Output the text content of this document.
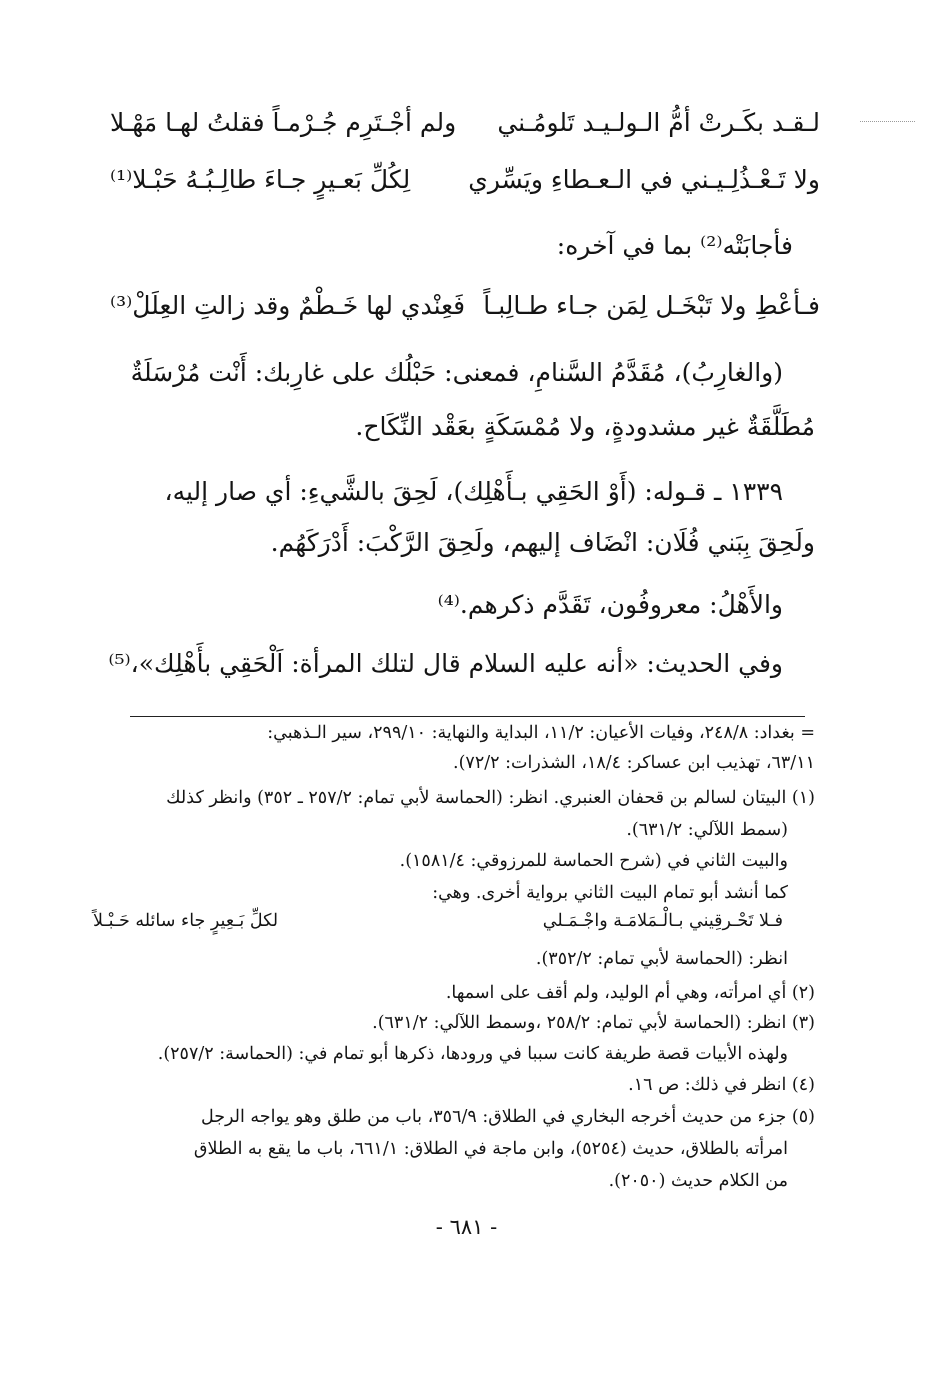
لـقـد بكَـرتْ أمُّ الـولـيـد تَلومُـني
ولم أجْـتَرِم جُـرْمـاً فقلتُ لهـا مَهْـلا
ولا تَـعْـذُلِـيـني في الـعـطاءِ ويَسِّري
لِكُلِّ بَعـيرٍ جـاءَ طالِـبُـهُ حَبْـلا⁽¹⁾
فأجابَتْه⁽²⁾ بما في آخره:
فـأعْطِ ولا تَبْخَـل لِمَن جـاء طـالِبـاً
فَعِنْدي لها خَـطْمٌ وقد زالتِ العِلَلْ⁽³⁾
(والغارِبُ)، مُقَدَّمُ السَّنامِ، فمعنى: حَبْلُك على غارِبك: أَنْت مُرْسَلَةٌ
مُطَلَّقَةٌ غير مشدودةٍ، ولا مُمْسَكَةٍ بعَقْد النِّكَاح.
١٣٣٩ ـ قـوله: (أَوْ الحَقِي بـأَهْلِك)، لَحِقَ بالشَّيءِ: أي صار إليه،
ولَحِقَ بِبَني فُلَان: انْضَاف إليهم، ولَحِقَ الرَّكْبَ: أَدْرَكَهُم.
والأَهْلُ: معروفُون، تَقَدَّم ذكرهم.⁽⁴⁾
وفي الحديث: «أنه عليه السلام قال لتلك المرأة: اَلْحَقِي بأَهْلِك»،⁽⁵⁾
= بغداد: ٢٤٨/٨، وفيات الأعيان: ١١/٢، البداية والنهاية: ٢٩٩/١٠، سير الـذهبي:
٦٣/١١، تهذيب ابن عساكر: ١٨/٤، الشذرات: ٧٢/٢).
(١) البيتان لسالم بن قحفان العنبري. انظر: (الحماسة لأبي تمام: ٢٥٧/٢ ـ ٣٥٢) وانظر كذلك
(سمط اللآلي: ٦٣١/٢).
والبيت الثاني في (شرح الحماسة للمرزوقي: ١٥٨١/٤).
كما أنشد أبو تمام البيت الثاني برواية أخرى. وهي:
فـلا تَحْـرقِيني بـالْـمَلامَـة واجْـمَـلي
لكلِّ بَـعِيرٍ جاء سائله حَـبْـلاً
انظر: (الحماسة لأبي تمام: ٣٥٢/٢).
(٢) أي امرأته، وهي أم الوليد، ولم أقف على اسمها.
(٣) انظر: (الحماسة لأبي تمام: ٢٥٨/٢ ،وسمط اللآلي: ٦٣١/٢).
ولهذه الأبيات قصة طريفة كانت سببا في ورودها، ذكرها أبو تمام في: (الحماسة: ٢٥٧/٢).
(٤) انظر في ذلك: ص ١٦.
(٥) جزء من حديث أخرجه البخاري في الطلاق: ٣٥٦/٩، باب من طلق وهو يواجه الرجل
امرأته بالطلاق، حديث (٥٢٥٤)، وابن ماجة في الطلاق: ٦٦١/١، باب ما يقع به الطلاق
من الكلام حديث (٢٠٥٠).
- ٦٨١ -
